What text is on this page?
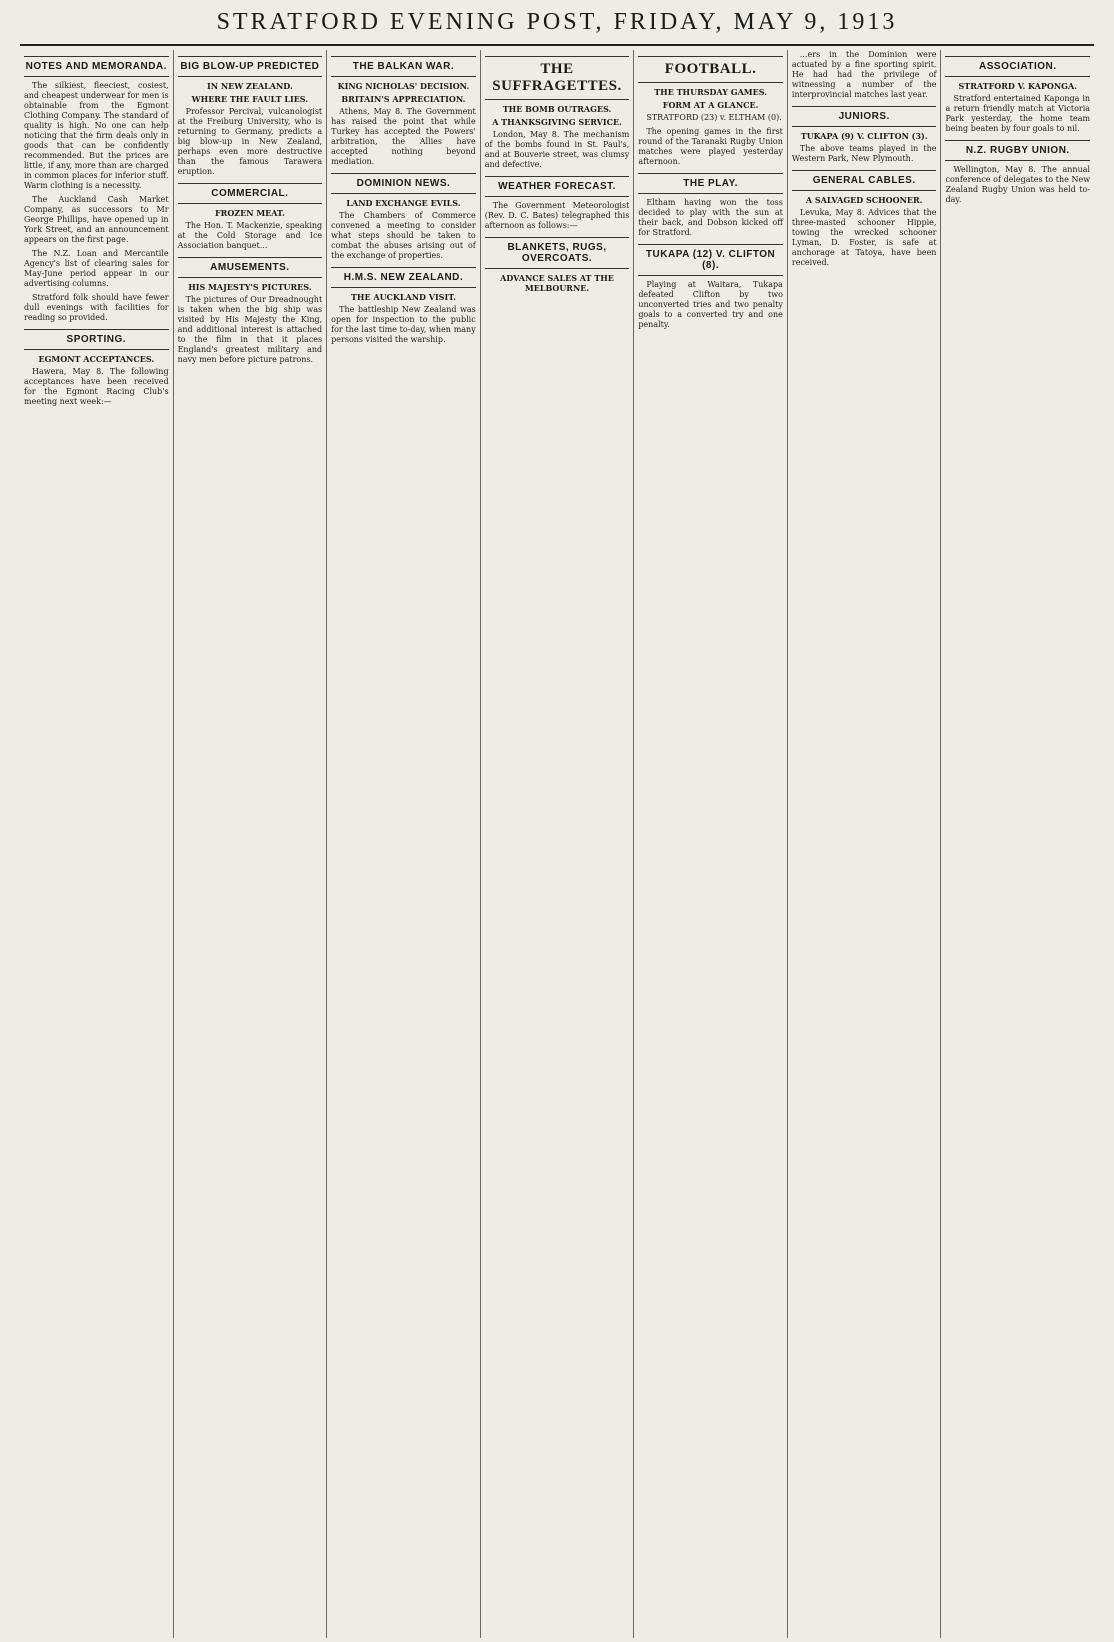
STRATFORD EVENING POST, FRIDAY, MAY 9, 1913
NOTES AND MEMORANDA.

The silkiest, fleeciest, cosiest, and cheapest underwear for men is obtainable from the Egmont Clothing Company. The standard of quality is high. No one can help noticing that the firm deals only in goods that can be confidently recommended. But the prices are little, if any, more than are charged in common places for inferior stuff. Warm clothing is a necessity.

The Auckland Cash Market Company, as successors to Mr George Phillips, have opened up in York Street, and an announcement appears on the first page.

The N.Z. Loan and Mercantile Agency's list of clearing sales for May-June period appear in our advertising columns.

Stratford folk should have fewer dull evenings with facilities for reading so provided.

SPORTING.
EGMONT ACCEPTANCES.

Hawera, May 8. The following acceptances have been received for the Egmont Racing Club's meeting next week:—

BIG BLOW-UP PREDICTED
IN NEW ZEALAND.
WHERE THE FAULT LIES.

Professor Percival, vulcanologist at the Freiburg University, who is returning to Germany, predicts a big blow-up in New Zealand, perhaps even more destructive than the famous Tarawera eruption.

COMMERCIAL.
FROZEN MEAT.

The Hon. T. Mackenzie, speaking at the Cold Storage and Ice Association banquet...

AMUSEMENTS.
HIS MAJESTY'S PICTURES.

The pictures of Our Dreadnought is taken when the big ship was visited by His Majesty the King, and additional interest is attached to the film in that it places England's greatest military and navy men before picture patrons.

THE BALKAN WAR.
KING NICHOLAS' DECISION.
BRITAIN'S APPRECIATION.

Athens, May 8. The Government has raised the point that while Turkey has accepted the Powers' arbitration, the Allies have accepted nothing beyond mediation.

DOMINION NEWS.
LAND EXCHANGE EVILS.

The Chambers of Commerce convened a meeting to consider what steps should be taken to combat the abuses arising out of the exchange of properties.

H.M.S. NEW ZEALAND.
THE AUCKLAND VISIT.

The battleship New Zealand was open for inspection to the public for the last time to-day, when many persons visited the warship.

THE SUFFRAGETTES.
THE BOMB OUTRAGES.
A THANKSGIVING SERVICE.

London, May 8. The mechanism of the bombs found in St. Paul's, and at Bouverie street, was clumsy and defective.

WEATHER FORECAST.

The Government Meteorologist (Rev. D. C. Bates) telegraphed this afternoon as follows:—

BLANKETS, RUGS, OVERCOATS.
ADVANCE SALES AT THE MELBOURNE.
FOOTBALL.
THE THURSDAY GAMES.
FORM AT A GLANCE.

STRATFORD (23) v. ELTHAM (0).

The opening games in the first round of the Taranaki Rugby Union matches were played yesterday afternoon.

THE PLAY.

Eltham having won the toss decided to play with the sun at their back, and Dobson kicked off for Stratford.

TUKAPA (12) V. CLIFTON (8).

Playing at Waitara, Tukapa defeated Clifton by two unconverted tries and two penalty goals to a converted try and one penalty.

...ers in the Dominion were actuated by a fine sporting spirit. He had had the privilege of witnessing a number of the interprovincial matches last year.

JUNIORS.
TUKAPA (9) V. CLIFTON (3).

The above teams played in the Western Park, New Plymouth.

GENERAL CABLES.
A SALVAGED SCHOONER.

Levuka, May 8. Advices that the three-masted schooner Hippie, towing the wrecked schooner Lyman, D. Foster, is safe at anchorage at Tatoya, have been received.

ASSOCIATION.
STRATFORD V. KAPONGA.

Stratford entertained Kaponga in a return friendly match at Victoria Park yesterday, the home team being beaten by four goals to nil.

N.Z. RUGBY UNION.

Wellington, May 8. The annual conference of delegates to the New Zealand Rugby Union was held to-day.
